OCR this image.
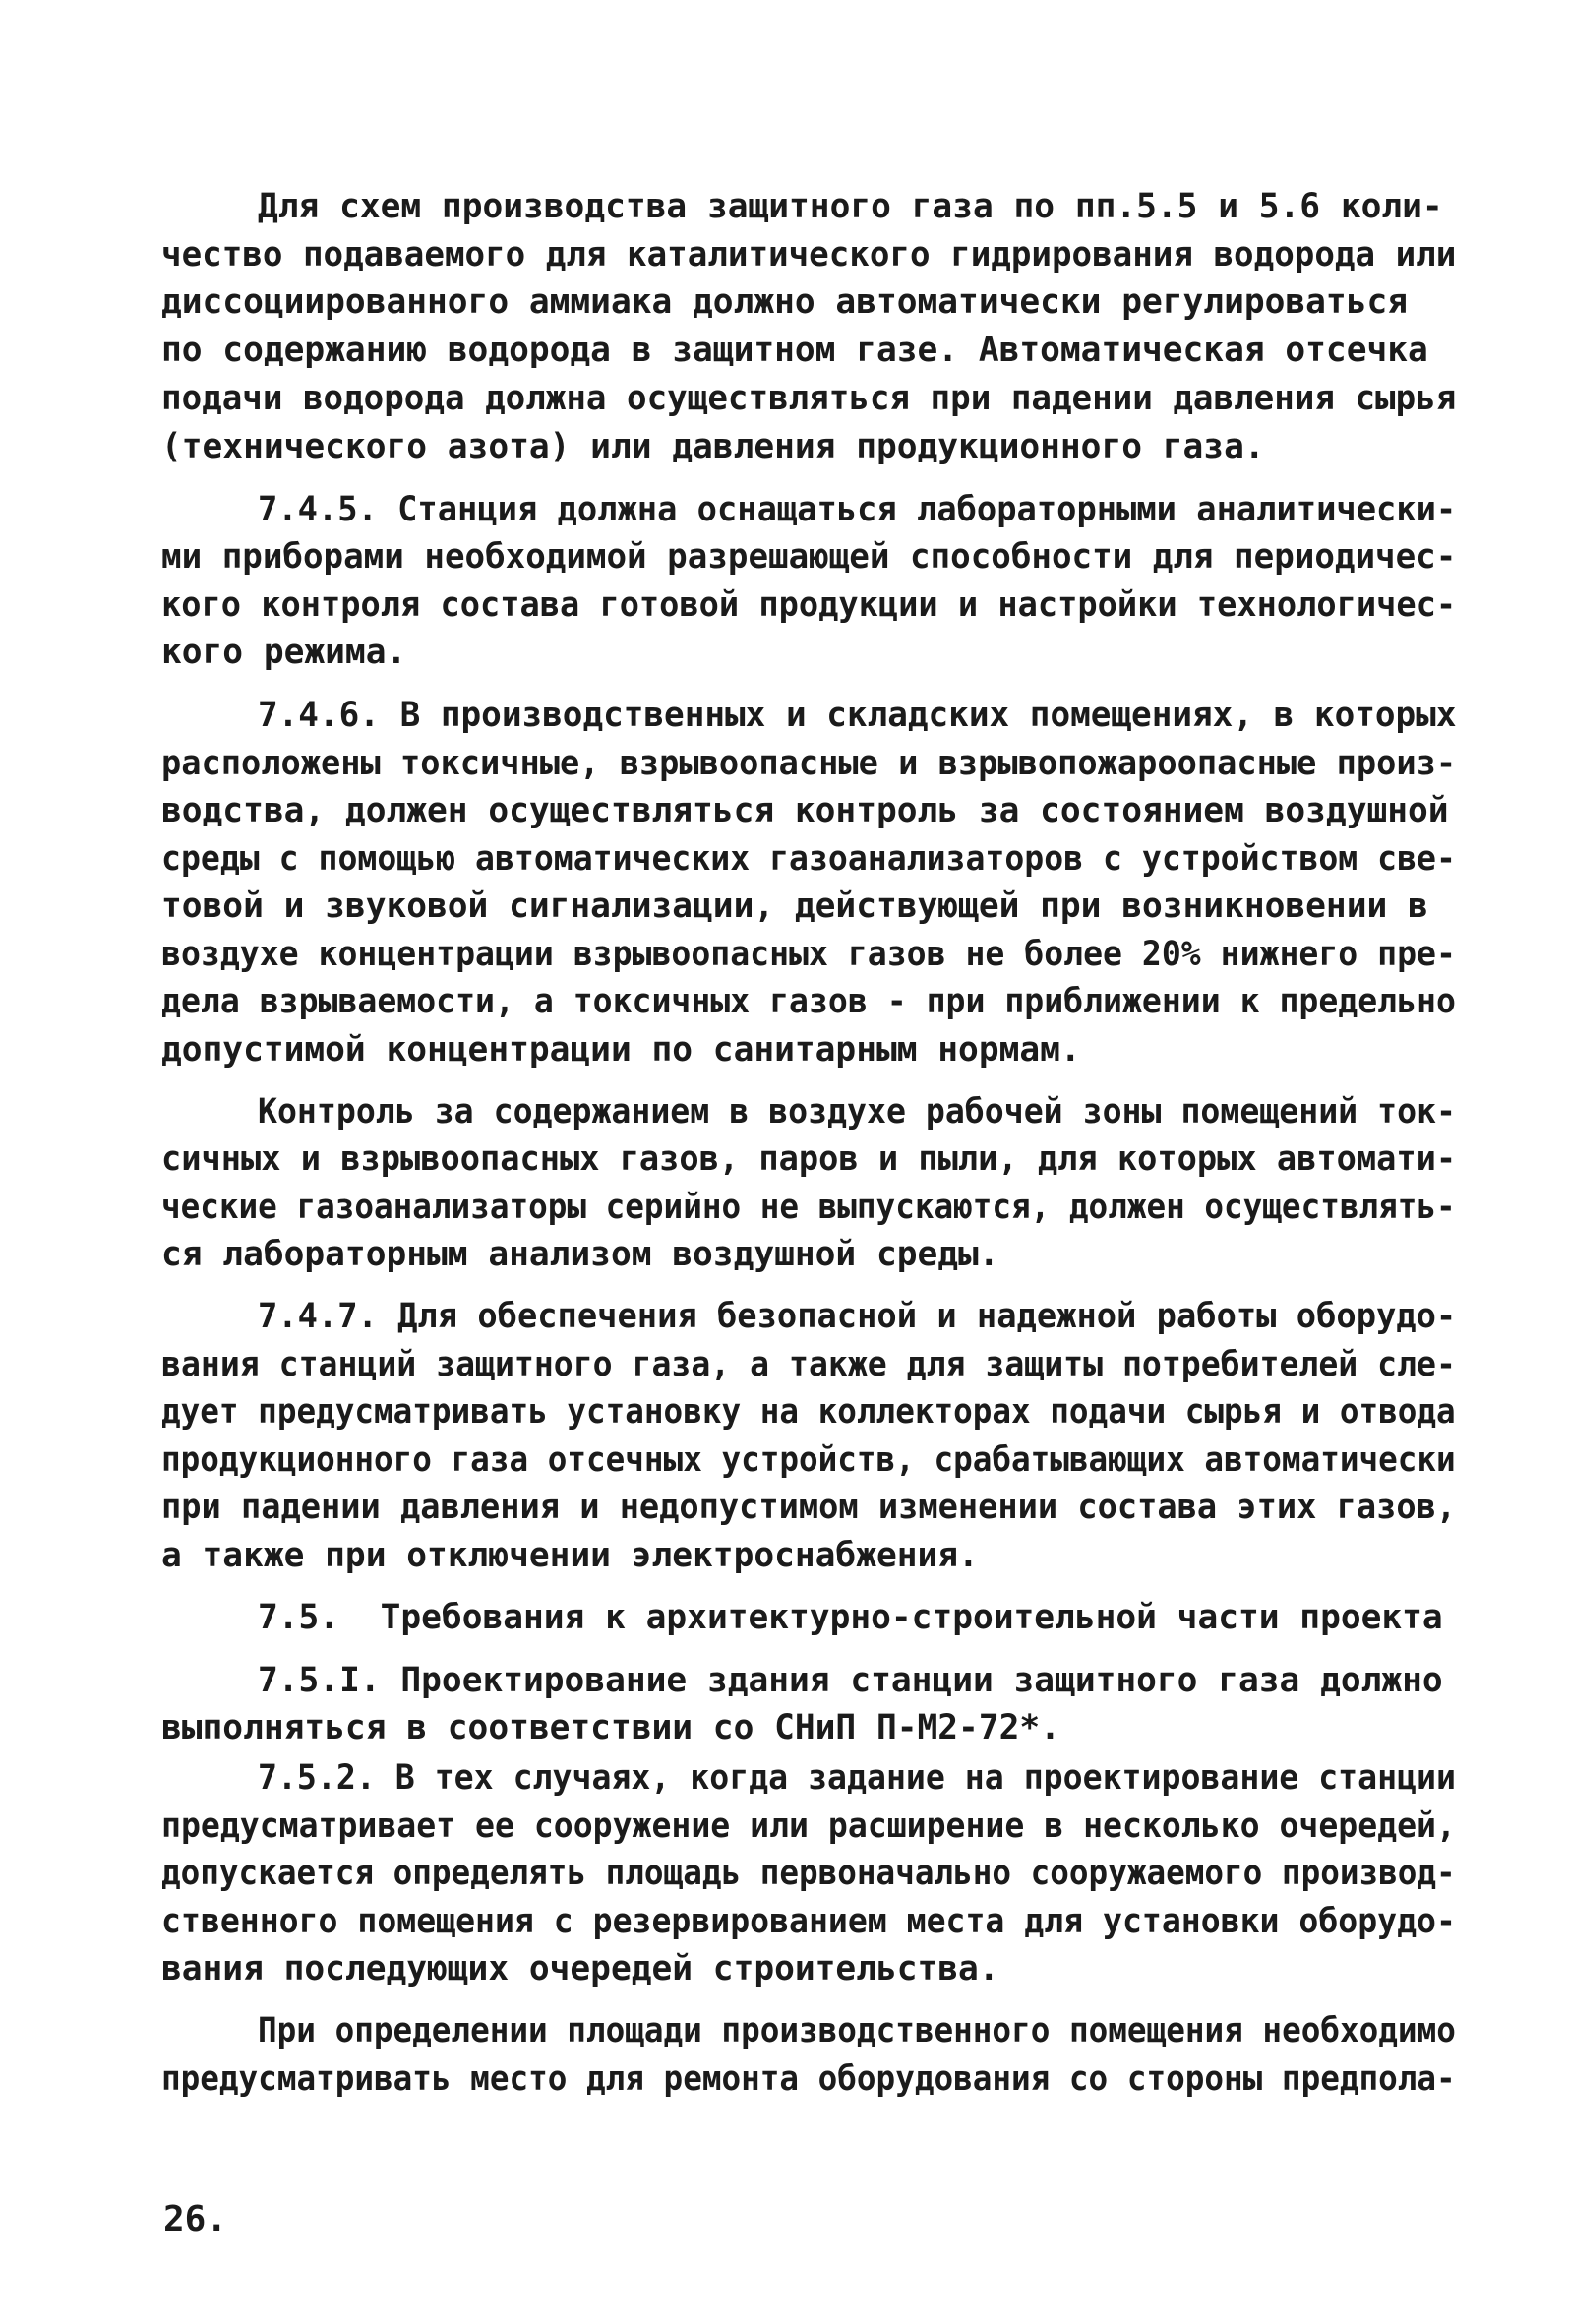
Для схем производства защитного газа по пп.5.5 и 5.6 коли-

чество подаваемого для каталитического гидрирования водорода или

диссоциированного аммиака должно автоматически регулироваться

по содержанию водорода в защитном газе. Автоматическая отсечка

подачи водорода должна осуществляться при падении давления сырья

(технического азота) или давления продукционного газа.

7.4.5. Станция должна оснащаться лабораторными аналитически-

ми приборами необходимой разрешающей способности для периодичес-

кого контроля состава готовой продукции и настройки технологичес-

кого режима.

7.4.6. В производственных и складских помещениях, в которых

расположены токсичные, взрывоопасные и взрывопожароопасные произ-

водства, должен осуществляться контроль за состоянием воздушной

среды с помощью автоматических газоанализаторов с устройством све-

товой и звуковой сигнализации, действующей при возникновении в

воздухе концентрации взрывоопасных газов не более 20% нижнего пре-

дела взрываемости, а токсичных газов - при приближении к предельно

допустимой концентрации по санитарным нормам.

Контроль за содержанием в воздухе рабочей зоны помещений ток-

сичных и взрывоопасных газов, паров и пыли, для которых автомати-

ческие газоанализаторы серийно не выпускаются, должен осуществлять-

ся лабораторным анализом воздушной среды.

7.4.7. Для обеспечения безопасной и надежной работы оборудо-

вания станций защитного газа, а также для защиты потребителей сле-

дует предусматривать установку на коллекторах подачи сырья и отвода

продукционного газа отсечных устройств, срабатывающих автоматически

при падении давления и недопустимом изменении состава этих газов,

а также при отключении электроснабжения.

7.5.  Требования к архитектурно-строительной части проекта

7.5.I. Проектирование здания станции защитного газа должно

выполняться в соответствии со СНиП П-М2-72*.

7.5.2. В тех случаях, когда задание на проектирование станции

предусматривает ее сооружение или расширение в несколько очередей,

допускается определять площадь первоначально сооружаемого производ-

ственного помещения с резервированием места для установки оборудо-

вания последующих очередей строительства.

При определении площади производственного помещения необходимо

предусматривать место для ремонта оборудования со стороны предпола-

26.
